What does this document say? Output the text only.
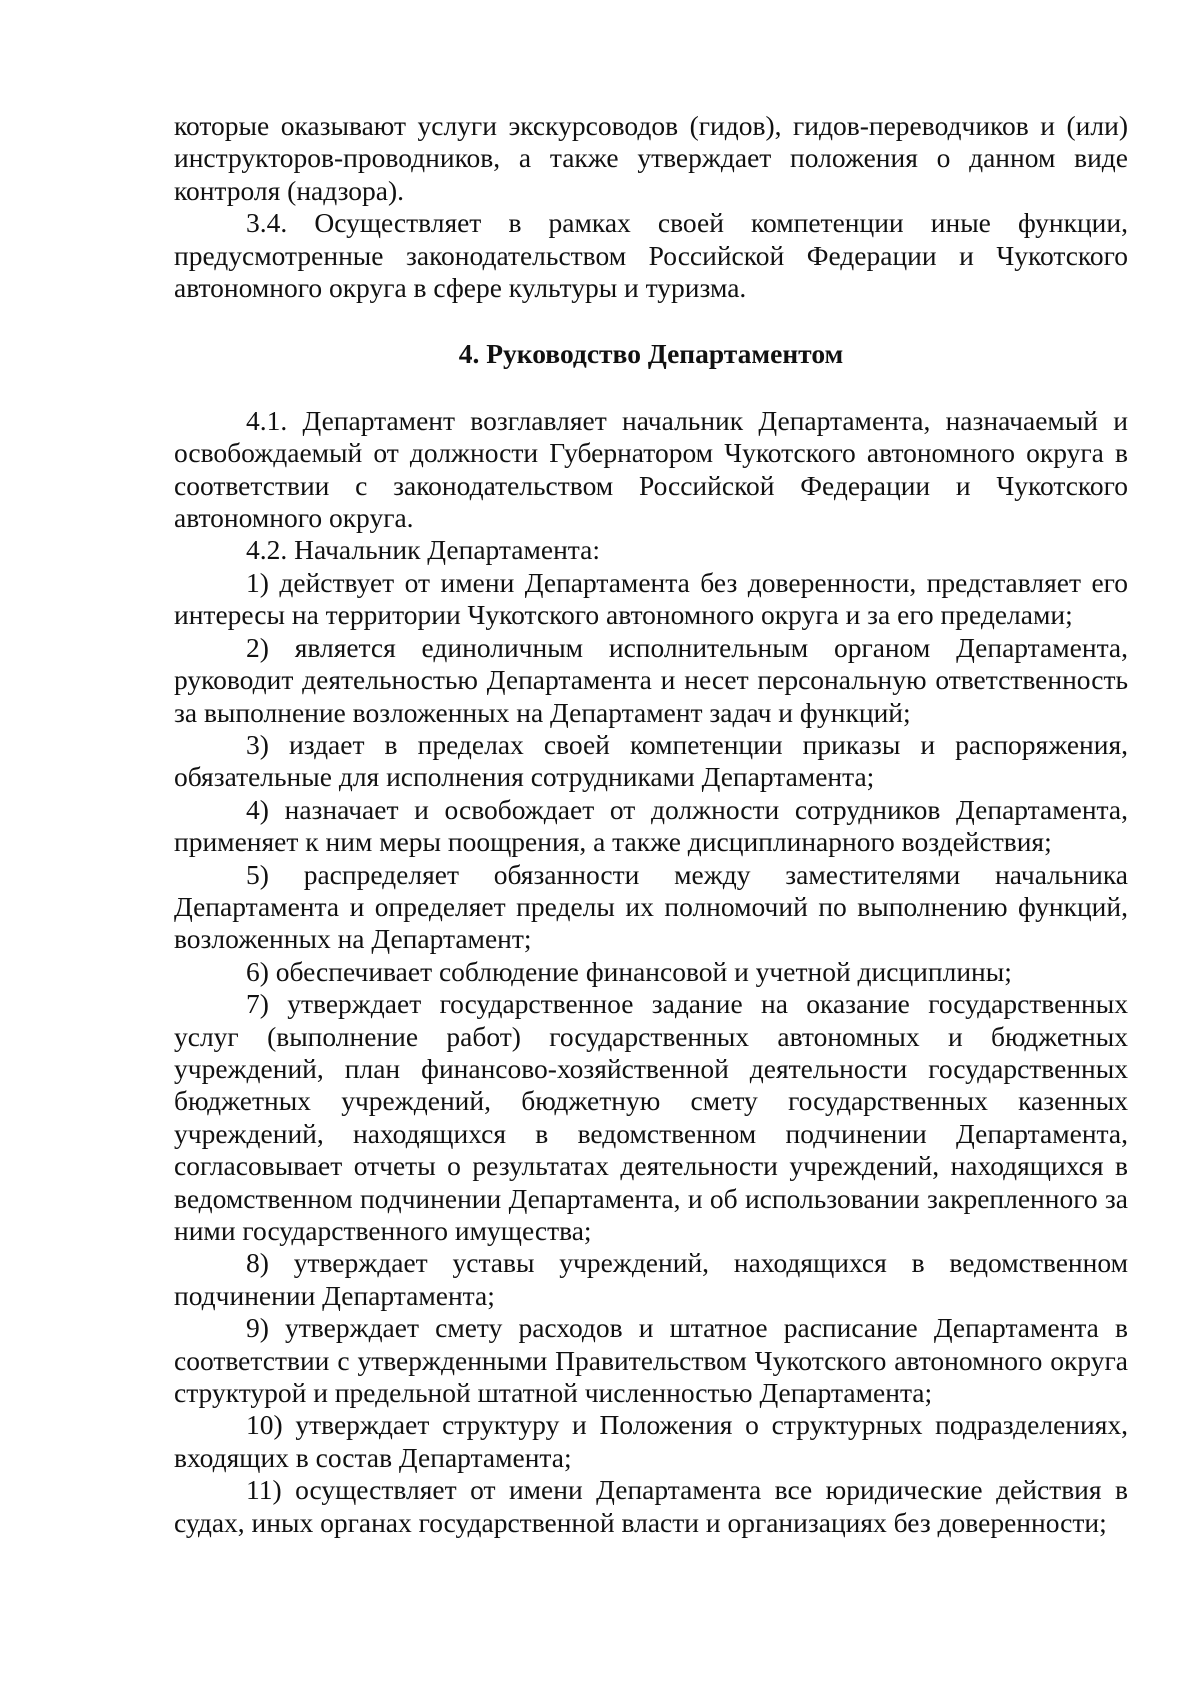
которые оказывают услуги экскурсоводов (гидов), гидов-переводчиков и (или) инструкторов-проводников, а также утверждает положения о данном виде контроля (надзора).

3.4. Осуществляет в рамках своей компетенции иные функции, предусмотренные законодательством Российской Федерации и Чукотского автономного округа в сфере культуры и туризма.

4. Руководство Департаментом

4.1. Департамент возглавляет начальник Департамента, назначаемый и освобождаемый от должности Губернатором Чукотского автономного округа в соответствии с законодательством Российской Федерации и Чукотского автономного округа.

4.2. Начальник Департамента:

1) действует от имени Департамента без доверенности, представляет его интересы на территории Чукотского автономного округа и за его пределами;

2) является единоличным исполнительным органом Департамента, руководит деятельностью Департамента и несет персональную ответственность за выполнение возложенных на Департамент задач и функций;

3) издает в пределах своей компетенции приказы и распоряжения, обязательные для исполнения сотрудниками Департамента;

4) назначает и освобождает от должности сотрудников Департамента, применяет к ним меры поощрения, а также дисциплинарного воздействия;

5) распределяет обязанности между заместителями начальника Департамента и определяет пределы их полномочий по выполнению функций, возложенных на Департамент;

6) обеспечивает соблюдение финансовой и учетной дисциплины;

7) утверждает государственное задание на оказание государственных услуг (выполнение работ) государственных автономных и бюджетных учреждений, план финансово-хозяйственной деятельности государственных бюджетных учреждений, бюджетную смету государственных казенных учреждений, находящихся в ведомственном подчинении Департамента, согласовывает отчеты о результатах деятельности учреждений, находящихся в ведомственном подчинении Департамента, и об использовании закрепленного за ними государственного имущества;

8) утверждает уставы учреждений, находящихся в ведомственном подчинении Департамента;

9) утверждает смету расходов и штатное расписание Департамента в соответствии с утвержденными Правительством Чукотского автономного округа структурой и предельной штатной численностью Департамента;

10) утверждает структуру и Положения о структурных подразделениях, входящих в состав Департамента;

11) осуществляет от имени Департамента все юридические действия в судах, иных органах государственной власти и организациях без доверенности;
